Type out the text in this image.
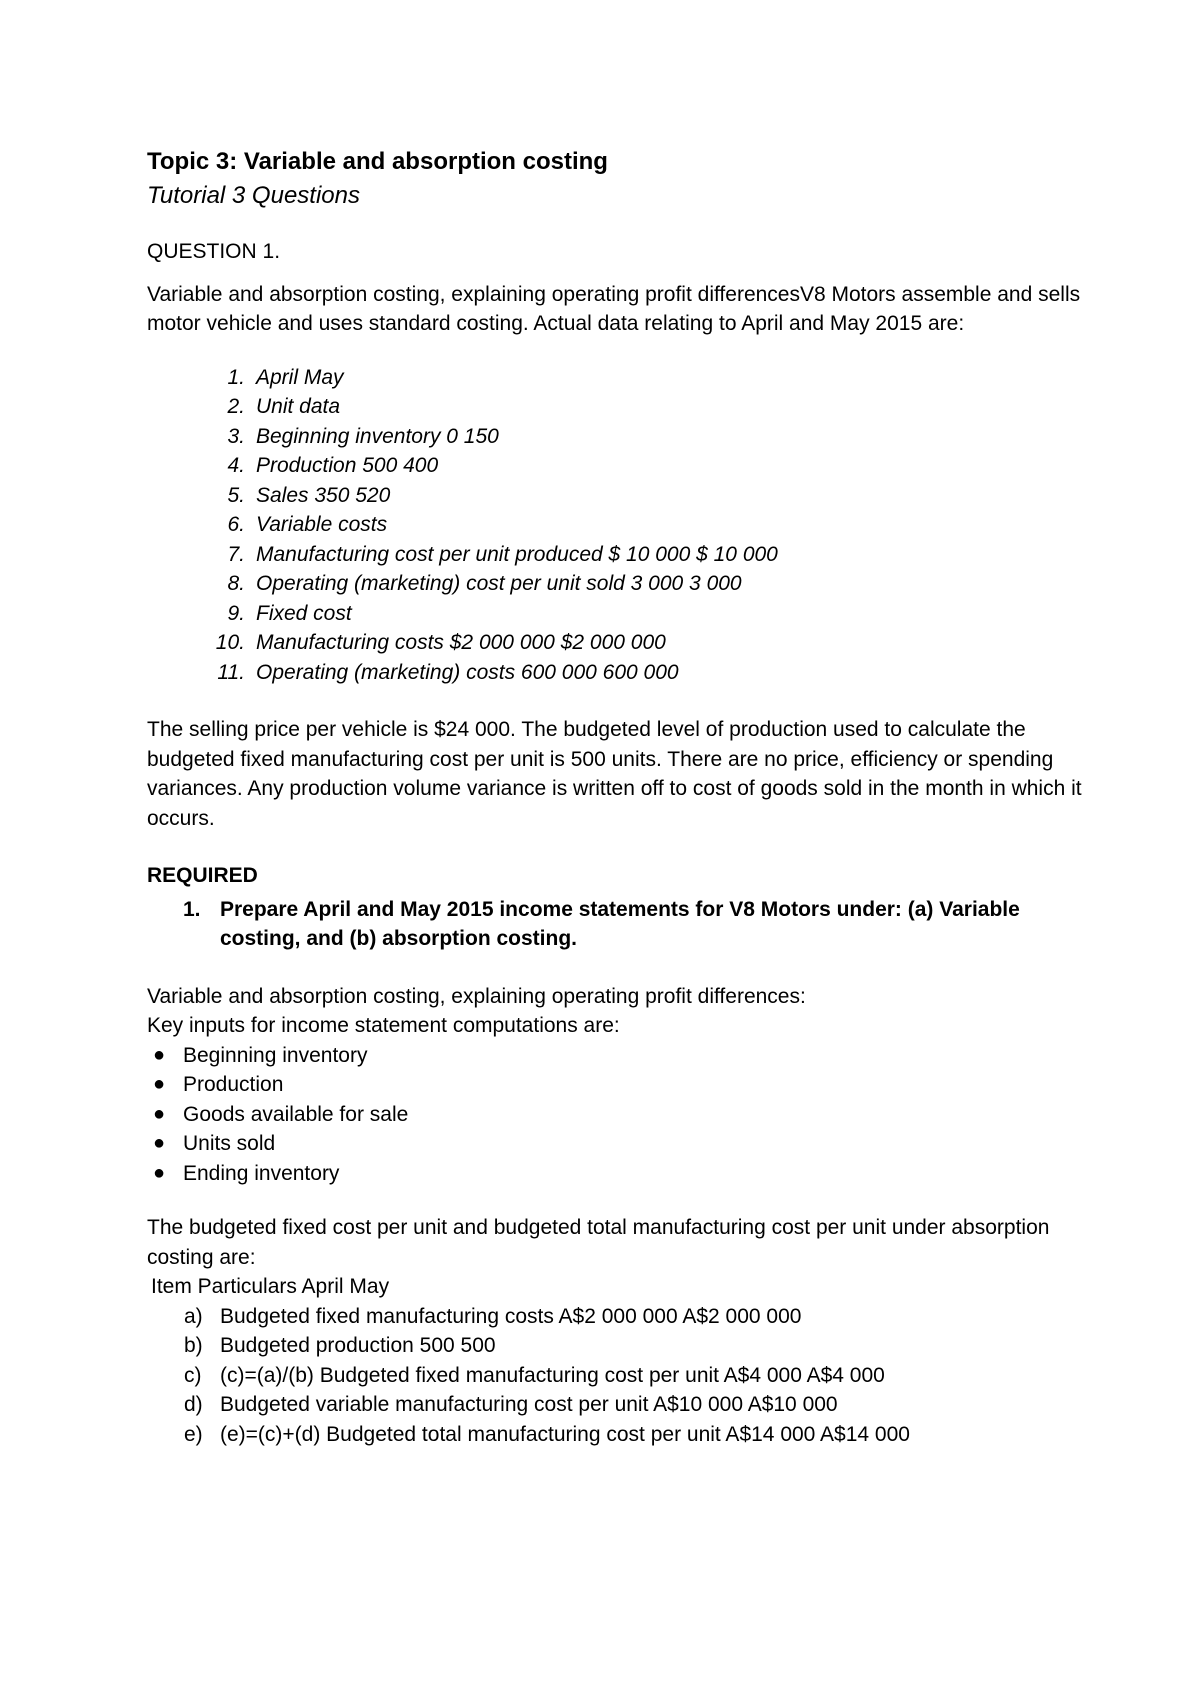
Topic 3: Variable and absorption costing

Tutorial 3 Questions

QUESTION 1.

Variable and absorption costing, explaining operating profit differencesV8 Motors assemble and sells motor vehicle and uses standard costing. Actual data relating to April and May 2015 are:

1. April May
2. Unit data
3. Beginning inventory 0 150
4. Production 500 400
5. Sales 350 520
6. Variable costs
7. Manufacturing cost per unit produced $ 10 000 $ 10 000
8. Operating (marketing) cost per unit sold 3 000 3 000
9. Fixed cost
10. Manufacturing costs $2 000 000 $2 000 000
11. Operating (marketing) costs 600 000 600 000

The selling price per vehicle is $24 000. The budgeted level of production used to calculate the budgeted fixed manufacturing cost per unit is 500 units. There are no price, efficiency or spending variances. Any production volume variance is written off to cost of goods sold in the month in which it occurs.

REQUIRED

1. Prepare April and May 2015 income statements for V8 Motors under: (a) Variable costing, and (b) absorption costing.

Variable and absorption costing, explaining operating profit differences:
Key inputs for income statement computations are:

● Beginning inventory
● Production
● Goods available for sale
● Units sold
● Ending inventory

The budgeted fixed cost per unit and budgeted total manufacturing cost per unit under absorption costing are:

Item Particulars April May

a) Budgeted fixed manufacturing costs A$2 000 000 A$2 000 000
b) Budgeted production 500 500
c) (c)=(a)/(b) Budgeted fixed manufacturing cost per unit A$4 000 A$4 000
d) Budgeted variable manufacturing cost per unit A$10 000 A$10 000
e) (e)=(c)+(d) Budgeted total manufacturing cost per unit A$14 000 A$14 000
